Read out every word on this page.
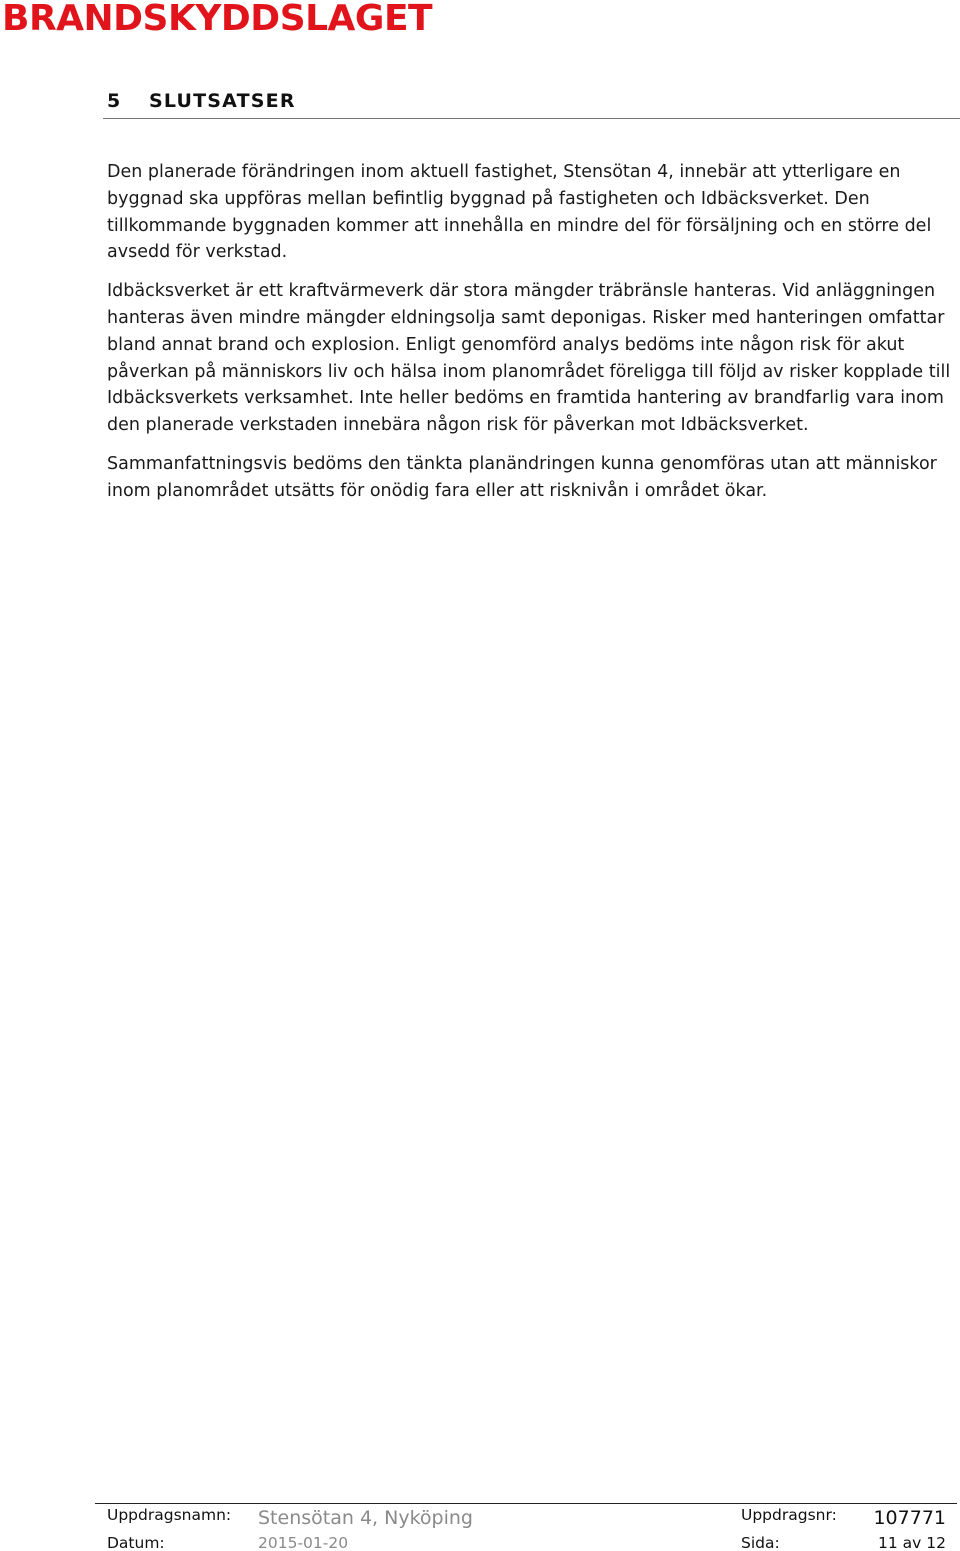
BRANDSKYDDSLAGET
5 SLUTSATSER

Den planerade förändringen inom aktuell fastighet, Stensötan 4, innebär att ytterligare en byggnad ska uppföras mellan befintlig byggnad på fastigheten och Idbäcksverket. Den tillkommande byggnaden kommer att innehålla en mindre del för försäljning och en större del avsedd för verkstad.

Idbäcksverket är ett kraftvärmeverk där stora mängder träbränsle hanteras. Vid anläggningen hanteras även mindre mängder eldningsolja samt deponigas. Risker med hanteringen omfattar bland annat brand och explosion. Enligt genomförd analys bedöms inte någon risk för akut påverkan på människors liv och hälsa inom planområdet föreligga till följd av risker kopplade till Idbäcksverkets verksamhet. Inte heller bedöms en framtida hantering av brandfarlig vara inom den planerade verkstaden innebära någon risk för påverkan mot Idbäcksverket.

Sammanfattningsvis bedöms den tänkta planändringen kunna genomföras utan att människor inom planområdet utsätts för onödig fara eller att risknivån i området ökar.

Uppdragsnamn: Stensötan 4, Nyköping	Uppdragsnr: 107771
Datum:	2015-01-20	Sida:	11 av 12
